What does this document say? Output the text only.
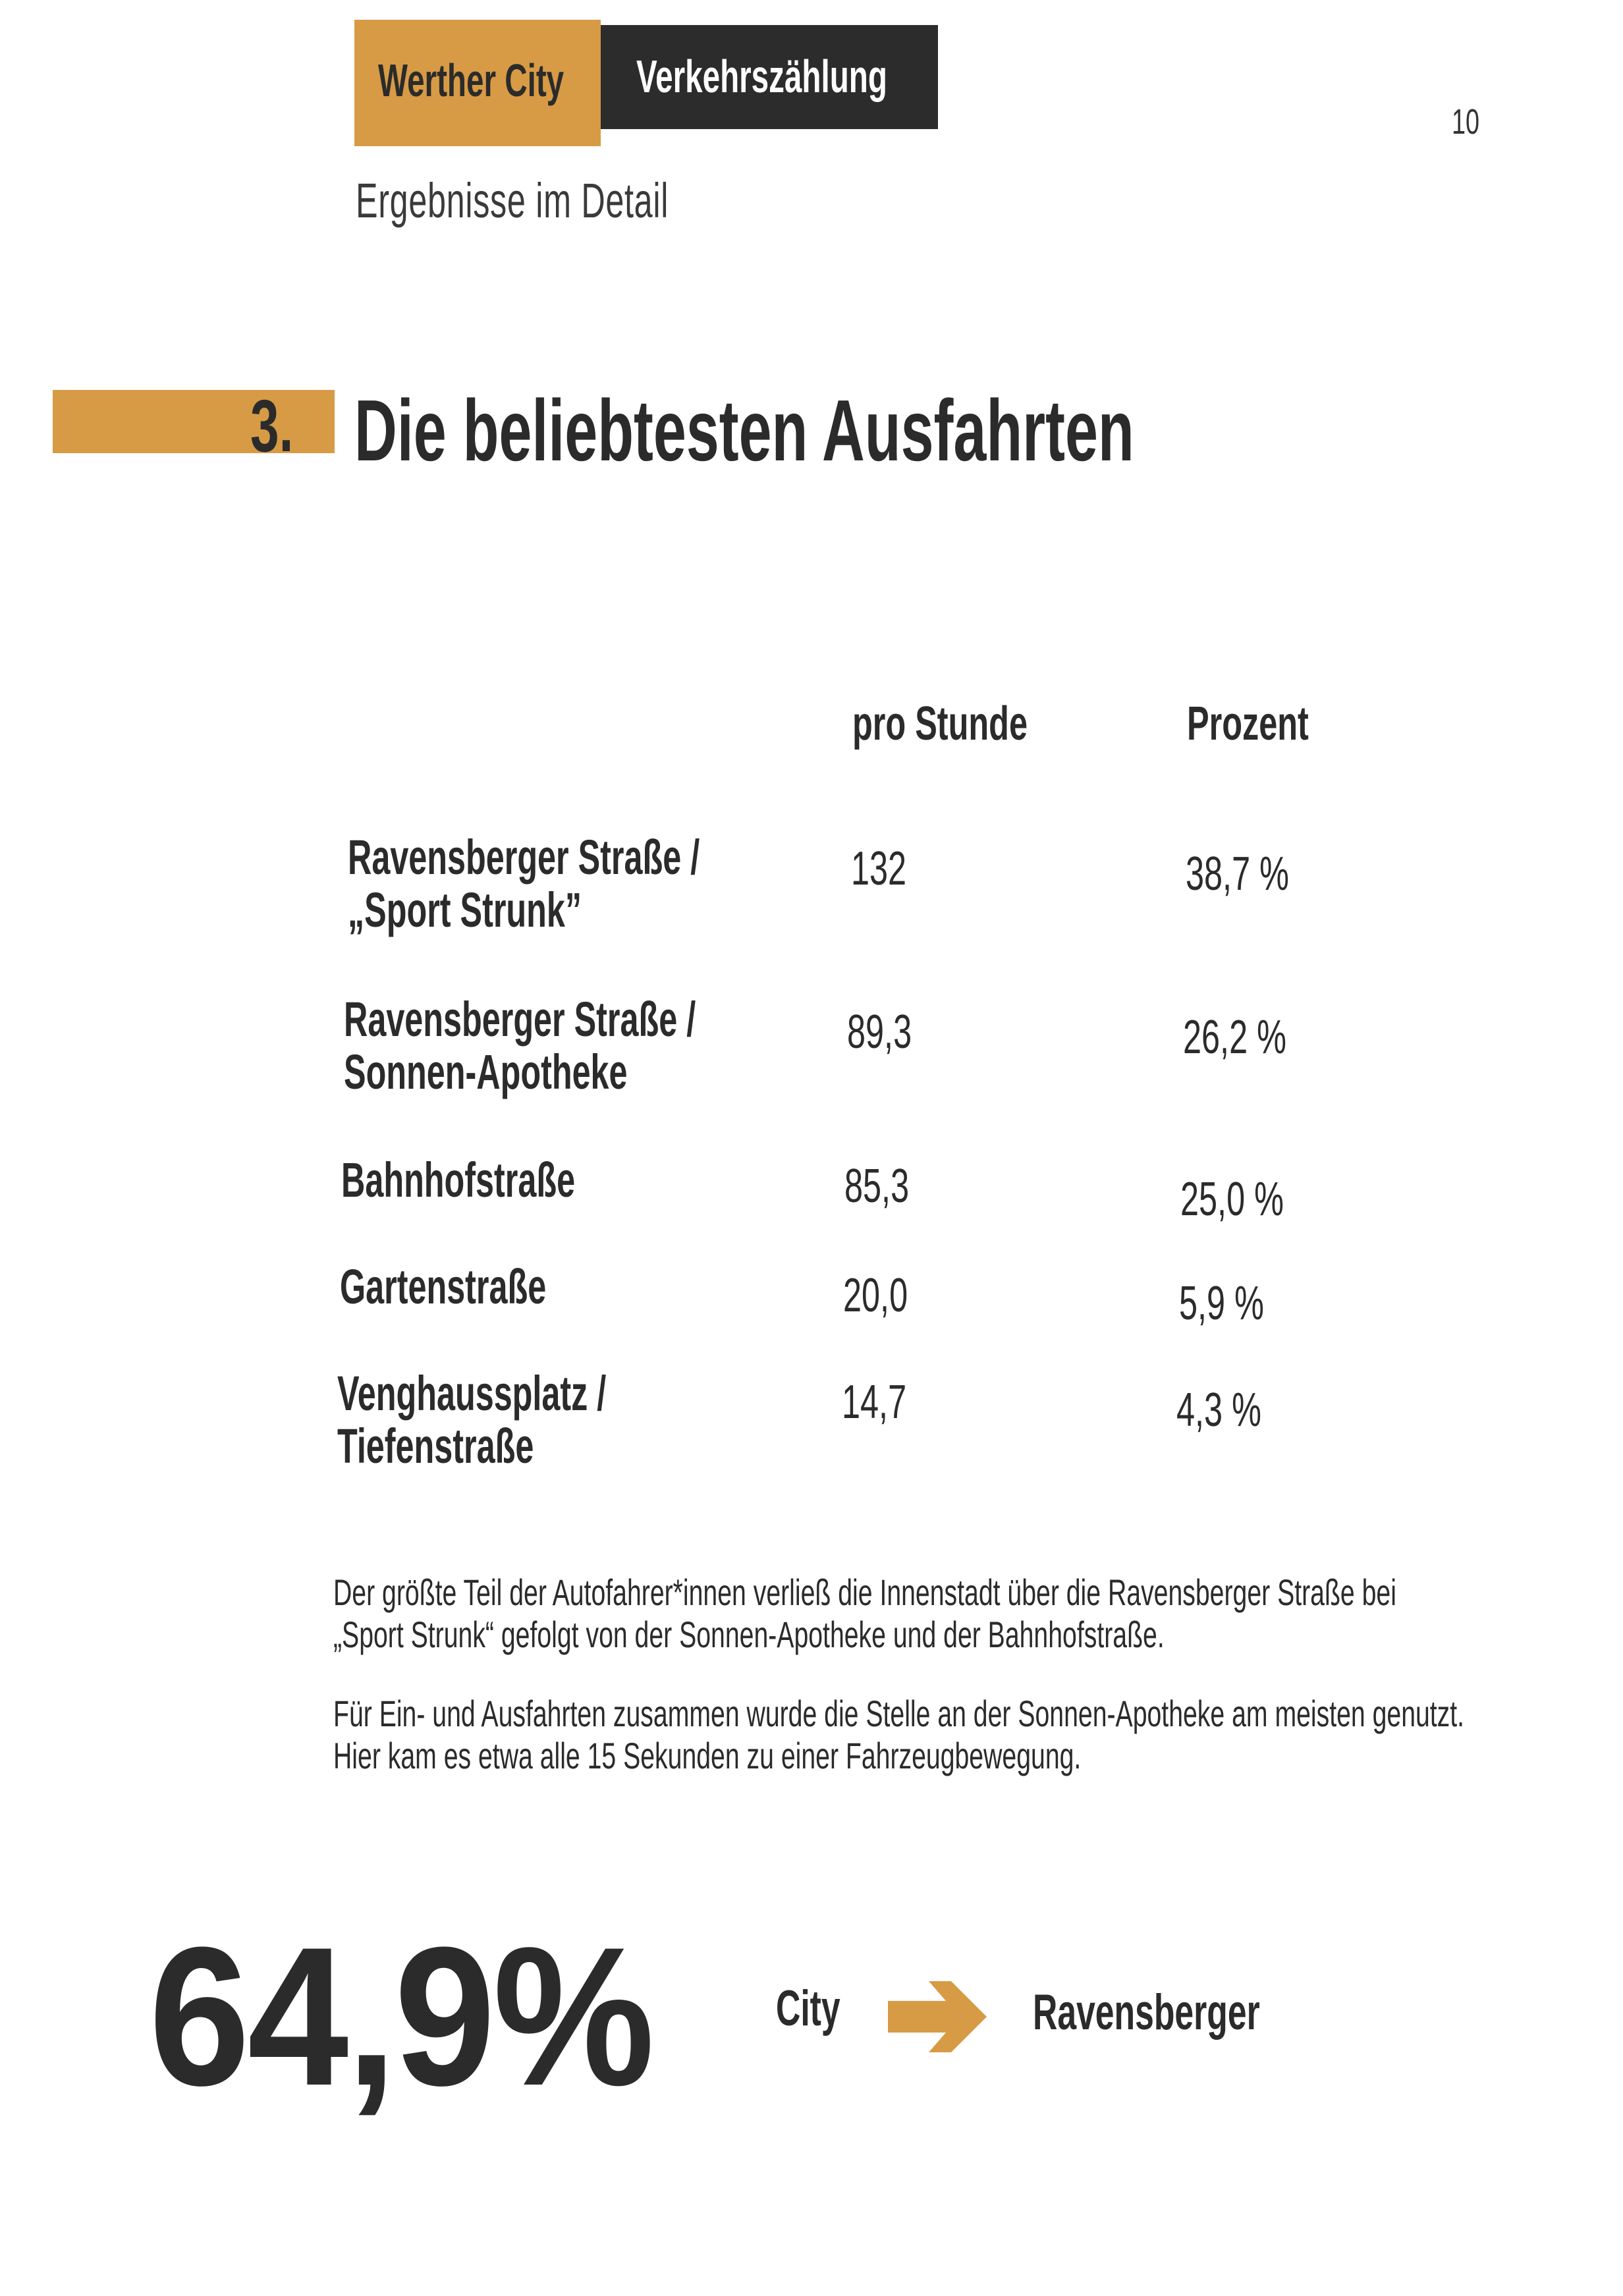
Werther City Verkehrszählung
10
Ergebnisse im Detail
3. Die beliebtesten Ausfahrten
pro Stunde	Prozent
Ravensberger Straße /
„Sport Strunk”
132	38,7 %
Ravensberger Straße /
Sonnen-Apotheke
89,3	26,2 %
Bahnhofstraße	85,3	25,0 %
Gartenstraße	20,0	5,9 %
Venghaussplatz /
Tiefenstraße
14,7	4,3 %
Der größte Teil der Autofahrer*innen verließ die Innenstadt über die Ravensberger Straße bei
„Sport Strunk“ gefolgt von der Sonnen-Apotheke und der Bahnhofstraße.
Für Ein- und Ausfahrten zusammen wurde die Stelle an der Sonnen-Apotheke am meisten genutzt.
Hier kam es etwa alle 15 Sekunden zu einer Fahrzeugbewegung.
64,9% City	Ravensberger
